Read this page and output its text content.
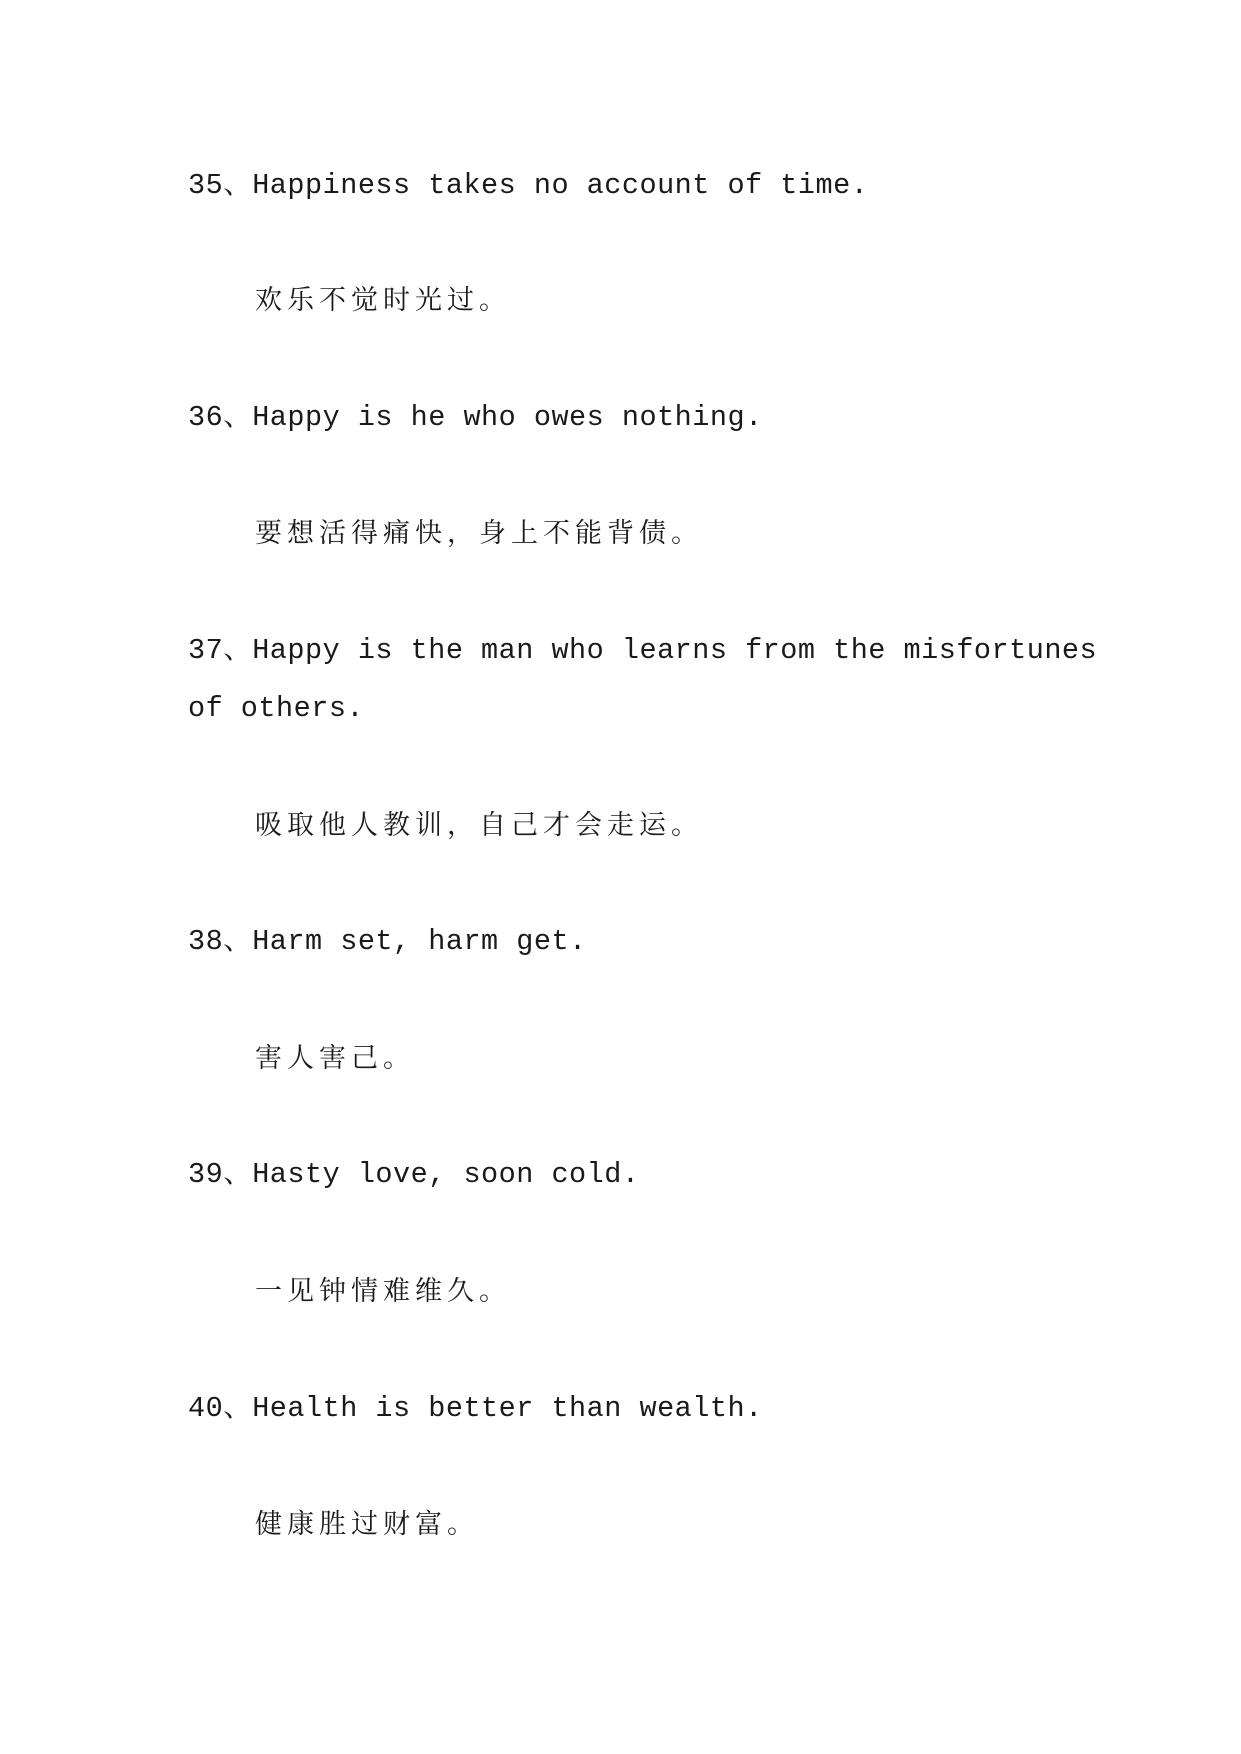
35、Happiness takes no account of time.

欢乐不觉时光过。

36、Happy is he who owes nothing.

要想活得痛快，身上不能背债。

37、Happy is the man who learns from the misfortunes

of others.

吸取他人教训，自己才会走运。

38、Harm set, harm get.

害人害己。

39、Hasty love, soon cold.

一见钟情难维久。

40、Health is better than wealth.

健康胜过财富。
